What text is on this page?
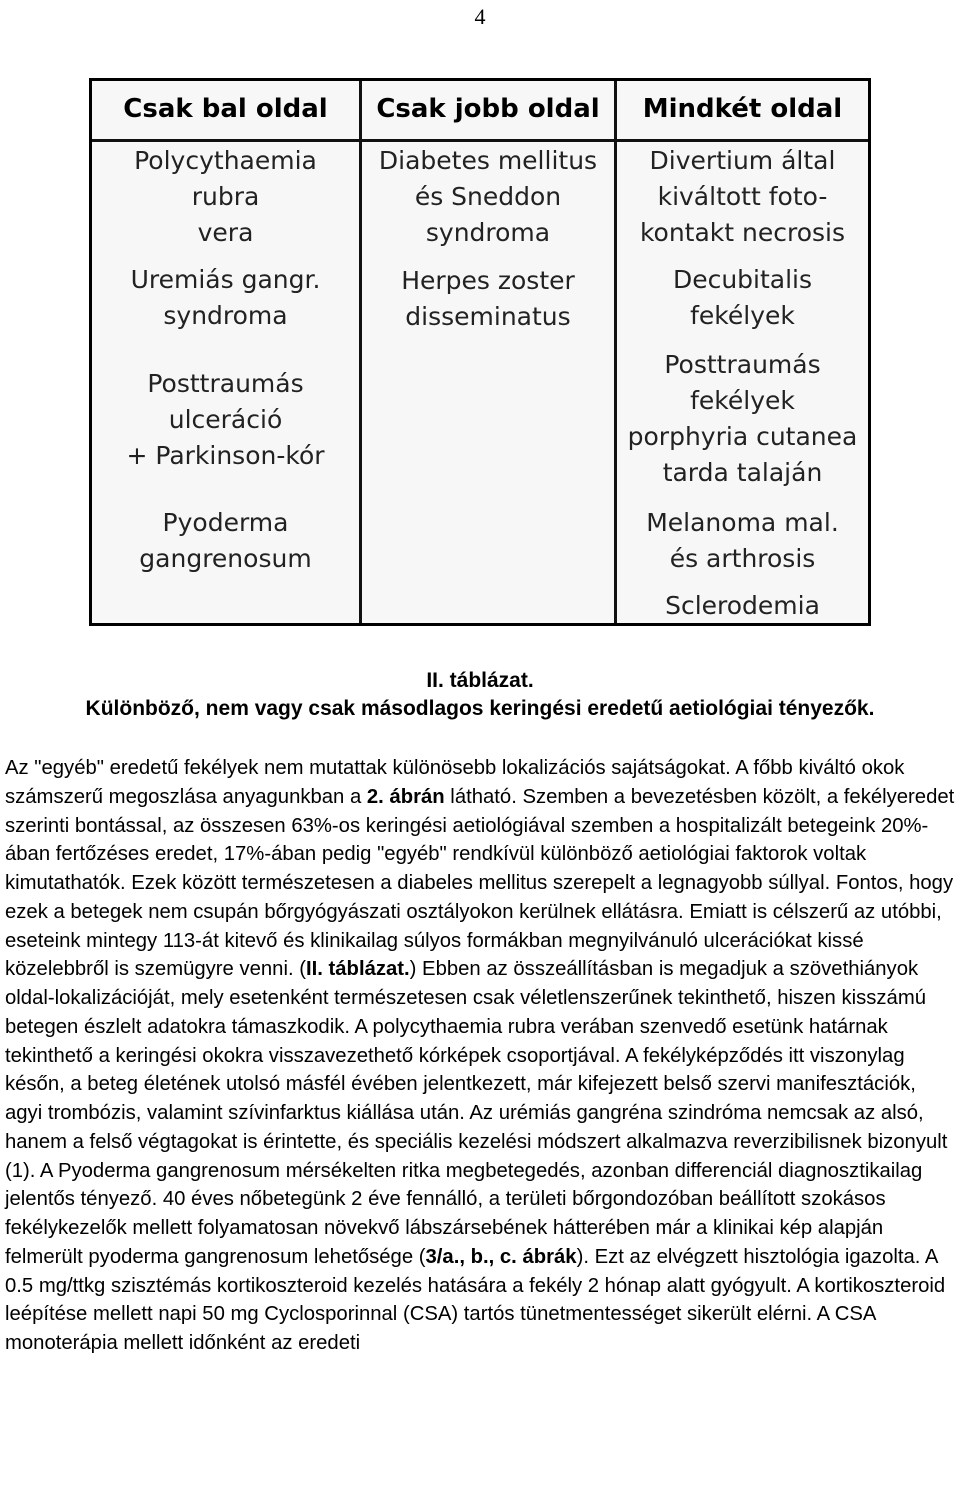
4
Csak bal oldal	Csak jobb oldal	Mindkét oldal
Polycythaemia
rubra
vera
Uremiás gangr.
syndroma
Posttraumás
ulceráció
+ Parkinson-kór
Pyoderma
gangrenosum
Diabetes mellitus
és Sneddon
syndroma
Herpes zoster
disseminatus
Divertium által
kiváltott foto-
kontakt necrosis
Decubitalis
fekélyek
Posttraumás
fekélyek
porphyria cutanea
tarda talaján
Melanoma mal.
és arthrosis
Sclerodemia
II. táblázat.
Különböző, nem vagy csak másodlagos keringési eredetű aetiológiai tényezők.

Az "egyéb" eredetű fekélyek nem mutattak különösebb lokalizációs sajátságokat. A főbb kiváltó okok számszerű megoszlása anyagunkban a 2. ábrán látható. Szemben a bevezetésben közölt, a fekélyeredet szerinti bontással, az összesen 63%-os keringési aetiológiával szemben a hospitalizált betegeink 20%-ában fertőzéses eredet, 17%-ában pedig "egyéb" rendkívül különböző aetiológiai faktorok voltak kimutathatók. Ezek között természetesen a diabeles mellitus szerepelt a legnagyobb súllyal. Fontos, hogy ezek a betegek nem csupán bőrgyógyászati osztályokon kerülnek ellátásra. Emiatt is célszerű az utóbbi, eseteink mintegy 113-át kitevő és klinikailag súlyos formákban megnyilvánuló ulcerációkat kissé közelebbről is szemügyre venni. (II. táblázat.) Ebben az összeállításban is megadjuk a szövethiányok oldal-lokalizációját, mely esetenként természetesen csak véletlenszerűnek tekinthető, hiszen kisszámú betegen észlelt adatokra támaszkodik. A polycythaemia rubra verában szenvedő esetünk határnak tekinthető a keringési okokra visszavezethető kórképek csoportjával. A fekélyképződés itt viszonylag későn, a beteg életének utolsó másfél évében jelentkezett, már kifejezett belső szervi manifesztációk, agyi trombózis, valamint szívinfarktus kiállása után. Az urémiás gangréna szindróma nemcsak az alsó, hanem a felső végtagokat is érintette, és speciális kezelési módszert alkalmazva reverzibilisnek bizonyult (1). A Pyoderma gangrenosum mérsékelten ritka megbetegedés, azonban differenciál diagnosztikailag jelentős tényező. 40 éves nőbetegünk 2 éve fennálló, a területi bőrgondozóban beállított szokásos fekélykezelők mellett folyamatosan növekvő lábszársebének hátterében már a klinikai kép alapján felmerült pyoderma gangrenosum lehetősége (3/a., b., c. ábrák). Ezt az elvégzett hisztológia igazolta. A 0.5 mg/ttkg szisztémás kortikoszteroid kezelés hatására a fekély 2 hónap alatt gyógyult. A kortikoszteroid leépítése mellett napi 50 mg Cyclosporinnal (CSA) tartós tünetmentességet sikerült elérni. A CSA monoterápia mellett időnként az eredeti
